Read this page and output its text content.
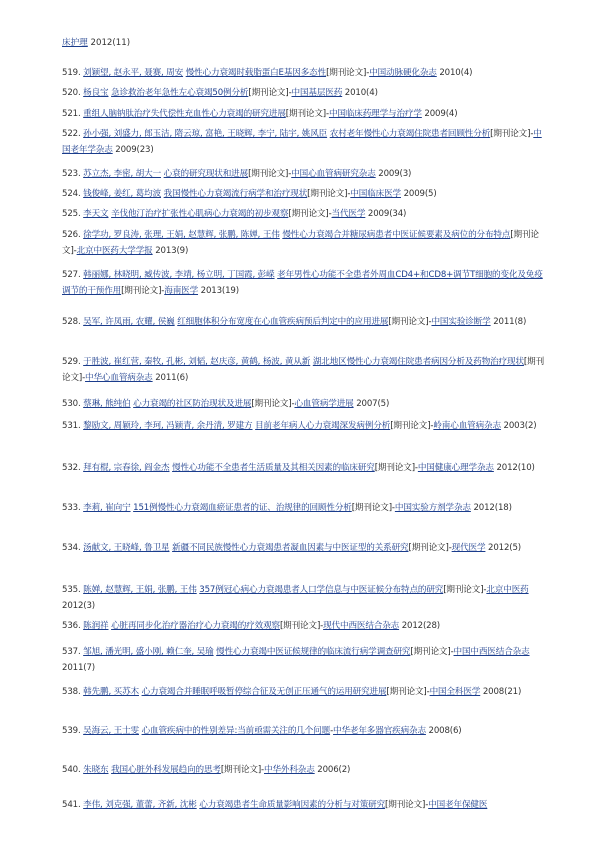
床护理 2012(11)
519. 刘颖望, 赵永平, 聂赛, 周安 慢性心力衰竭时载脂蛋白E基因多态性[期刊论文]-中国动脉硬化杂志 2010(4)
520. 杨良宝 急诊救治老年急性左心衰竭50例分析[期刊论文]-中国基层医药 2010(4)
521. 重组人脑钠肽治疗失代偿性充血性心力衰竭的研究进展[期刊论文]-中国临床药理学与治疗学 2009(4)
522. 孙小强, 刘盛力, 郎玉洁, 隋云琼, 富艳, 王晓辉, 李宁, 陆宇, 姚风臣 农村老年慢性心力衰竭住院患者回顾性分析[期刊论文]-中国老年学杂志 2009(23)
523. 苏立杰, 李密, 胡大一 心衰的研究现状和进展[期刊论文]-中国心血管病研究杂志 2009(3)
524. 钱俊峰, 姜红, 葛均波 我国慢性心力衰竭流行病学和治疗现状[期刊论文]-中国临床医学 2009(5)
525. 李天文 辛伐他汀治疗扩张性心肌病心力衰竭的初步观察[期刊论文]-当代医学 2009(34)
526. 徐学功, 罗良涛, 张理, 王娟, 赵慧辉, 张鹏, 陈婵, 王伟 慢性心力衰竭合并糖尿病患者中医证候要素及病位的分布特点[期刊论文]-北京中医药大学学报 2013(9)
527. 韩丽娜, 林晓明, 臧传波, 李靖, 杨立明, 丁国霞, 彭嵘 老年男性心功能不全患者外周血CD4+和CD8+调节T细胞的变化及免疫调节的干预作用[期刊论文]-海南医学 2013(19)
528. 吴军, 许凤雨, 农耀, 侯巍 红细胞体积分布宽度在心血管疾病预后判定中的应用进展[期刊论文]-中国实验诊断学 2011(8)
529. 于胜波, 崔红营, 秦牧, 孔彬, 刘韬, 赵庆彦, 黄鹤, 杨波, 黄从新 湖北地区慢性心力衰竭住院患者病因分析及药物治疗现状[期刊论文]-中华心血管病杂志 2011(6)
530. 蔡琳, 熊纯伯 心力衰竭的社区防治现状及进展[期刊论文]-心血管病学进展 2007(5)
531. 黎励文, 周颖玲, 李珂, 冯颖青, 余丹清, 罗建方 目前老年病人心力衰竭深发病例分析[期刊论文]-岭南心血管病杂志 2003(2)
532. 拜有棍, 宗春徐, 阎金杰 慢性心功能不全患者生活质量及其相关因素的临床研究[期刊论文]-中国健康心理学杂志 2012(10)
533. 李莉, 崔向宁 151例慢性心力衰竭血瘀证患者的证、治规律的回顾性分析[期刊论文]-中国实验方剂学杂志 2012(18)
534. 汤献文, 王晓峰, 鲁卫星 新疆不同民族慢性心力衰竭患者凝血因素与中医证型的关系研究[期刊论文]-现代医学 2012(5)
535. 陈婵, 赵慧辉, 王娟, 张鹏, 王伟 357例冠心病心力衰竭患者人口学信息与中医证候分布特点的研究[期刊论文]-北京中医药 2012(3)
536. 陈润祥 心脏再同步化治疗器治疗心力衰竭的疗效观察[期刊论文]-现代中西医结合杂志 2012(28)
537. 邹旭, 潘光明, 盛小刚, 赖仁奎, 吴瑜 慢性心力衰竭中医证候规律的临床流行病学调查研究[期刊论文]-中国中西医结合杂志 2011(7)
538. 韩先鹏, 买苏木 心力衰竭合并睡眠呼吸暂停综合征及无创正压通气的运用研究进展[期刊论文]-中国全科医学 2008(21)
539. 吴海云, 王士雯 心血管疾病中的性别差异:当前亟需关注的几个问题-中华老年多器官疾病杂志 2008(6)
540. 朱晓东 我国心脏外科发展趋向的思考[期刊论文]-中华外科杂志 2006(2)
541. 李伟, 刘克强, 董蕾, 齐新, 沈彬 心力衰竭患者生命质量影响因素的分析与对策研究[期刊论文]-中国老年保健医
